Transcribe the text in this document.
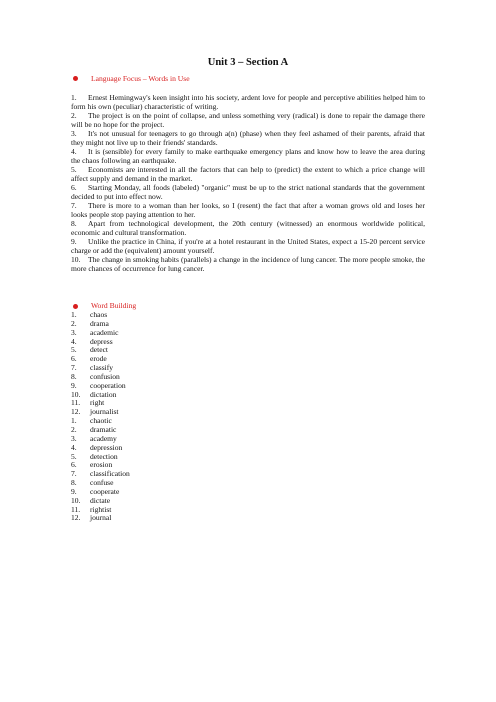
Unit 3 – Section A
Language Focus – Words in Use
1. Ernest Hemingway's keen insight into his society, ardent love for people and perceptive abilities helped him to form his own (peculiar) characteristic of writing.
2. The project is on the point of collapse, and unless something very (radical) is done to repair the damage there will be no hope for the project.
3. It's not unusual for teenagers to go through a(n) (phase) when they feel ashamed of their parents, afraid that they might not live up to their friends' standards.
4. It is (sensible) for every family to make earthquake emergency plans and know how to leave the area during the chaos following an earthquake.
5. Economists are interested in all the factors that can help to (predict) the extent to which a price change will affect supply and demand in the market.
6. Starting Monday, all foods (labeled) "organic" must be up to the strict national standards that the government decided to put into effect now.
7. There is more to a woman than her looks, so I (resent) the fact that after a woman grows old and loses her looks people stop paying attention to her.
8. Apart from technological development, the 20th century (witnessed) an enormous worldwide political, economic and cultural transformation.
9. Unlike the practice in China, if you're at a hotel restaurant in the United States, expect a 15-20 percent service charge or add the (equivalent) amount yourself.
10. The change in smoking habits (parallels) a change in the incidence of lung cancer. The more people smoke, the more chances of occurrence for lung cancer.
Word Building
1. chaos
2. drama
3. academic
4. depress
5. detect
6. erode
7. classify
8. confusion
9. cooperation
10. dictation
11. right
12. journalist
1. chaotic
2. dramatic
3. academy
4. depression
5. detection
6. erosion
7. classification
8. confuse
9. cooperate
10. dictate
11. rightist
12. journal
